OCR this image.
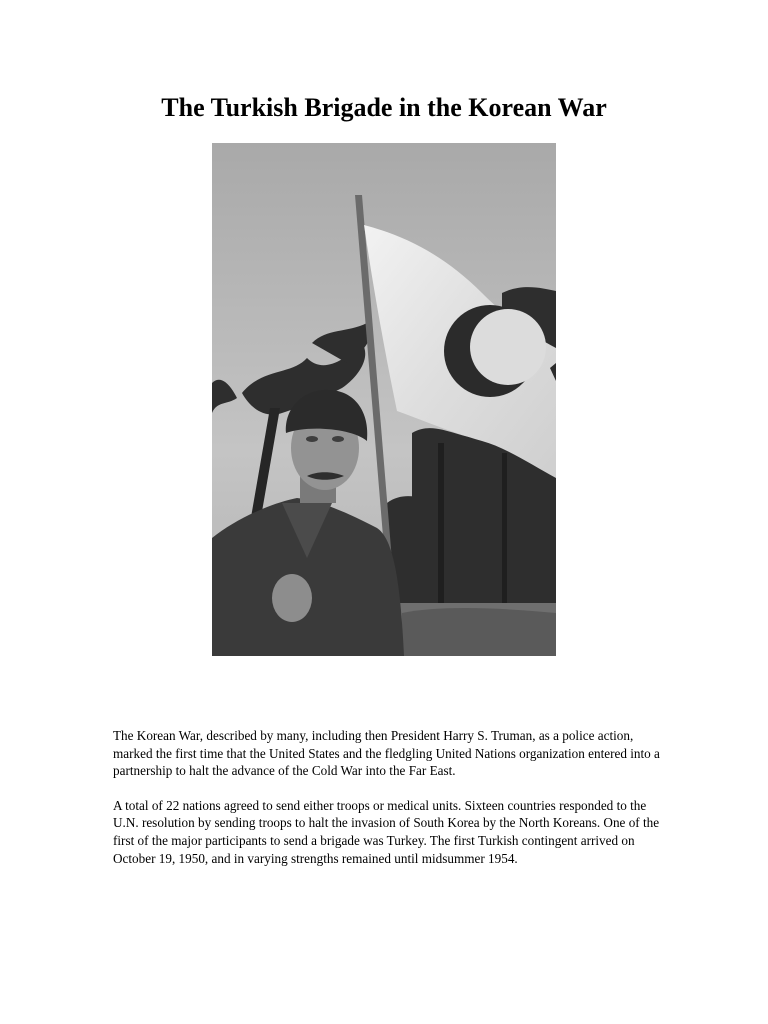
The Turkish Brigade in the Korean War

The Korean War, described by many, including then President Harry S. Truman, as a police action, marked the first time that the United States and the fledgling United Nations organization entered into a partnership to halt the advance of the Cold War into the Far East.

A total of 22 nations agreed to send either troops or medical units. Sixteen countries responded to the U.N. resolution by sending troops to halt the invasion of South Korea by the North Koreans. One of the first of the major participants to send a brigade was Turkey. The first Turkish contingent arrived on October 19, 1950, and in varying strengths remained until midsummer 1954.
